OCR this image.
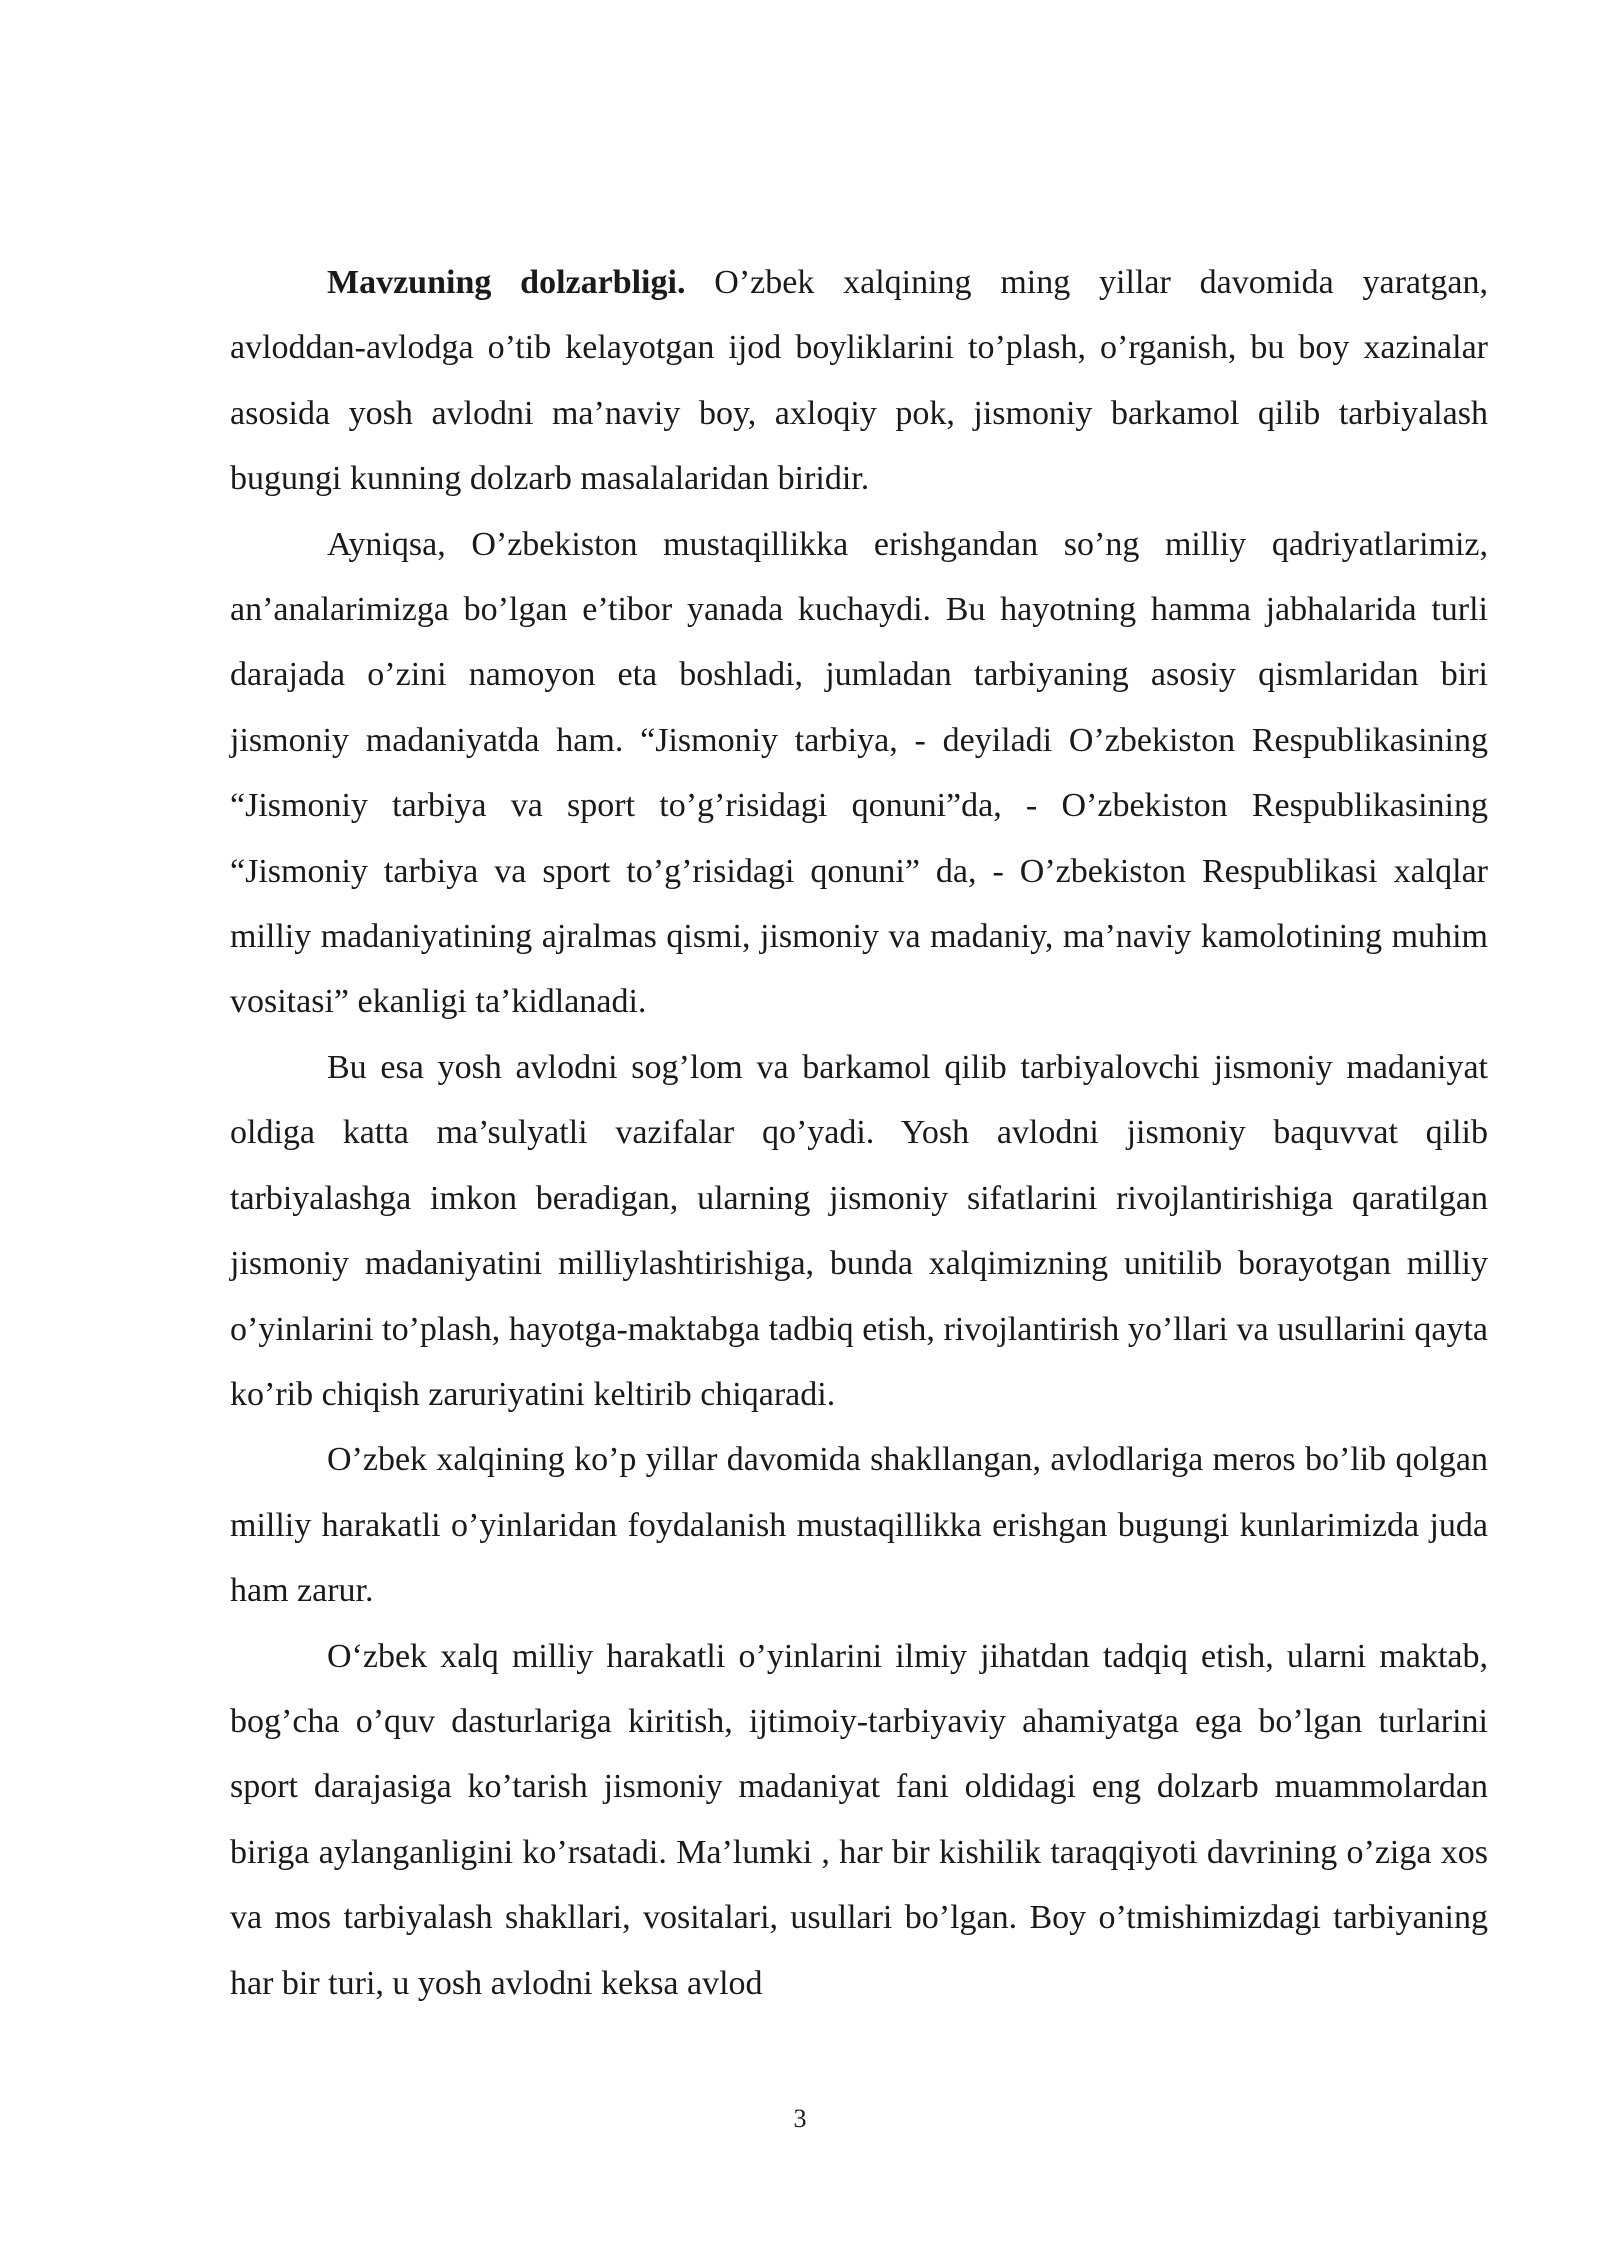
Mavzuning dolzarbligi. O’zbek xalqining ming yillar davomida yaratgan, avloddan-avlodga o’tib kelayotgan ijod boyliklarini to’plash, o’rganish, bu boy xazinalar asosida yosh avlodni ma’naviy boy, axloqiy pok, jismoniy barkamol qilib tarbiyalash bugungi kunning dolzarb masalalaridan biridir.

Ayniqsa, O’zbekiston mustaqillikka erishgandan so’ng milliy qadriyatlarimiz, an’analarimizga bo’lgan e’tibor yanada kuchaydi. Bu hayotning hamma jabhalarida turli darajada o’zini namoyon eta boshladi, jumladan tarbiyaning asosiy qismlaridan biri jismoniy madaniyatda ham. “Jismoniy tarbiya, - deyiladi O’zbekiston Respublikasining “Jismoniy tarbiya va sport to’g’risidagi qonuni”da, - O’zbekiston Respublikasining “Jismoniy tarbiya va sport to’g’risidagi qonuni” da, - O’zbekiston Respublikasi xalqlar milliy madaniyatining ajralmas qismi, jismoniy va madaniy, ma’naviy kamolotining muhim vositasi” ekanligi ta’kidlanadi.

Bu esa yosh avlodni sog’lom va barkamol qilib tarbiyalovchi jismoniy madaniyat oldiga katta ma’sulyatli vazifalar qo’yadi. Yosh avlodni jismoniy baquvvat qilib tarbiyalashga imkon beradigan, ularning jismoniy sifatlarini rivojlantirishiga qaratilgan jismoniy madaniyatini milliylashtirishiga, bunda xalqimizning unitilib borayotgan milliy o’yinlarini to’plash, hayotga-maktabga tadbiq etish, rivojlantirish yo’llari va usullarini qayta ko’rib chiqish zaruriyatini keltirib chiqaradi.

O’zbek xalqining ko’p yillar davomida shakllangan, avlodlariga meros bo’lib qolgan milliy harakatli o’yinlaridan foydalanish mustaqillikka erishgan bugungi kunlarimizda juda ham zarur.

O‘zbek xalq milliy harakatli o’yinlarini ilmiy jihatdan tadqiq etish, ularni maktab, bog’cha o’quv dasturlariga kiritish, ijtimoiy-tarbiyaviy ahamiyatga ega bo’lgan turlarini sport darajasiga ko’tarish jismoniy madaniyat fani oldidagi eng dolzarb muammolardan biriga aylanganligini ko’rsatadi. Ma’lumki , har bir kishilik taraqqiyoti davrining o’ziga xos va mos tarbiyalash shakllari, vositalari, usullari bo’lgan. Boy o’tmishimizdagi tarbiyaning har bir turi, u yosh avlodni keksa avlod

3
